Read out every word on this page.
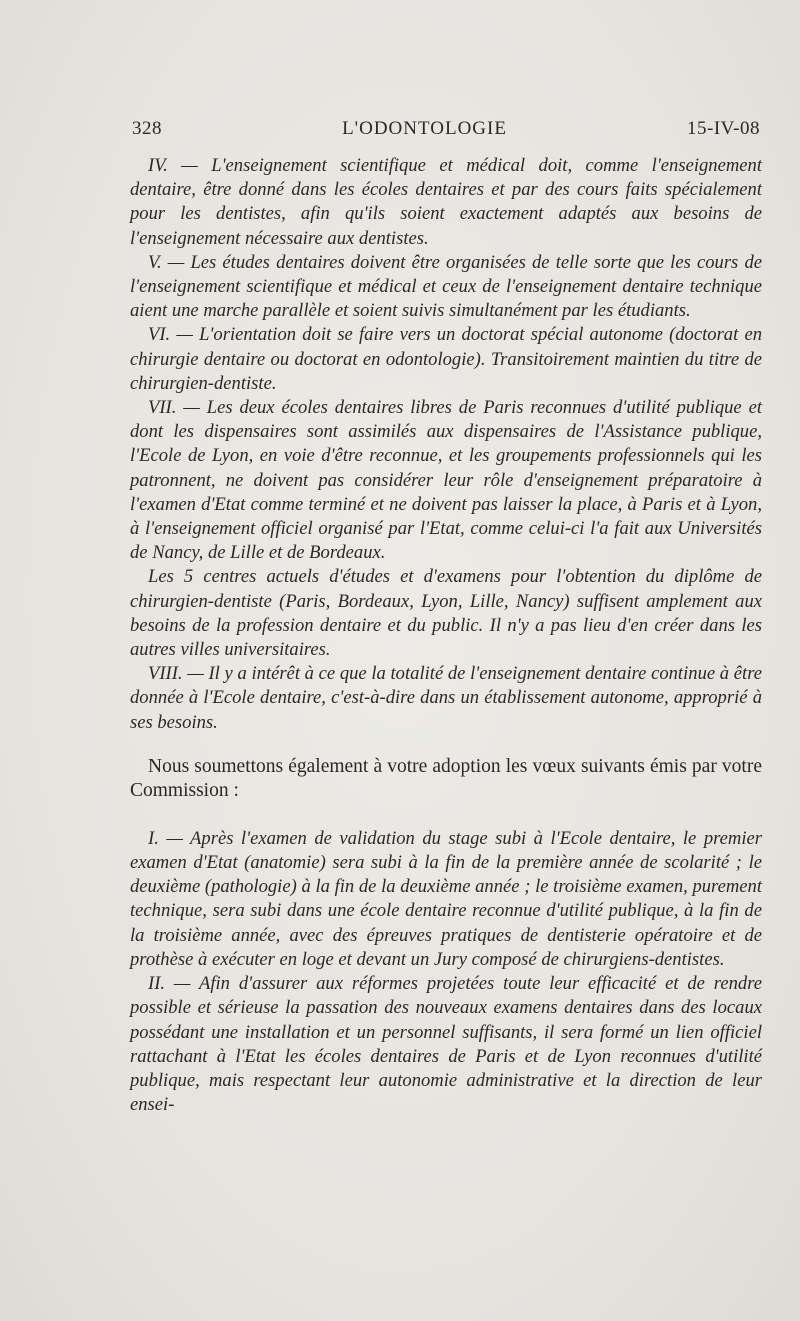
328	L'ODONTOLOGIE	15-IV-08

IV. — L'enseignement scientifique et médical doit, comme l'enseignement dentaire, être donné dans les écoles dentaires et par des cours faits spécialement pour les dentistes, afin qu'ils soient exactement adaptés aux besoins de l'enseignement nécessaire aux dentistes.

V. — Les études dentaires doivent être organisées de telle sorte que les cours de l'enseignement scientifique et médical et ceux de l'enseignement dentaire technique aient une marche parallèle et soient suivis simultanément par les étudiants.

VI. — L'orientation doit se faire vers un doctorat spécial autonome (doctorat en chirurgie dentaire ou doctorat en odontologie). Transitoirement maintien du titre de chirurgien-dentiste.

VII. — Les deux écoles dentaires libres de Paris reconnues d'utilité publique et dont les dispensaires sont assimilés aux dispensaires de l'Assistance publique, l'Ecole de Lyon, en voie d'être reconnue, et les groupements professionnels qui les patronnent, ne doivent pas considérer leur rôle d'enseignement préparatoire à l'examen d'Etat comme terminé et ne doivent pas laisser la place, à Paris et à Lyon, à l'enseignement officiel organisé par l'Etat, comme celui-ci l'a fait aux Universités de Nancy, de Lille et de Bordeaux.

Les 5 centres actuels d'études et d'examens pour l'obtention du diplôme de chirurgien-dentiste (Paris, Bordeaux, Lyon, Lille, Nancy) suffisent amplement aux besoins de la profession dentaire et du public. Il n'y a pas lieu d'en créer dans les autres villes universitaires.

VIII. — Il y a intérêt à ce que la totalité de l'enseignement dentaire continue à être donnée à l'Ecole dentaire, c'est-à-dire dans un établissement autonome, approprié à ses besoins.

Nous soumettons également à votre adoption les vœux suivants émis par votre Commission :

I. — Après l'examen de validation du stage subi à l'Ecole dentaire, le premier examen d'Etat (anatomie) sera subi à la fin de la première année de scolarité ; le deuxième (pathologie) à la fin de la deuxième année ; le troisième examen, purement technique, sera subi dans une école dentaire reconnue d'utilité publique, à la fin de la troisième année, avec des épreuves pratiques de dentisterie opératoire et de prothèse à exécuter en loge et devant un Jury composé de chirurgiens-dentistes.

II. — Afin d'assurer aux réformes projetées toute leur efficacité et de rendre possible et sérieuse la passation des nouveaux examens dentaires dans des locaux possédant une installation et un personnel suffisants, il sera formé un lien officiel rattachant à l'Etat les écoles dentaires de Paris et de Lyon reconnues d'utilité publique, mais respectant leur autonomie administrative et la direction de leur ensei-
